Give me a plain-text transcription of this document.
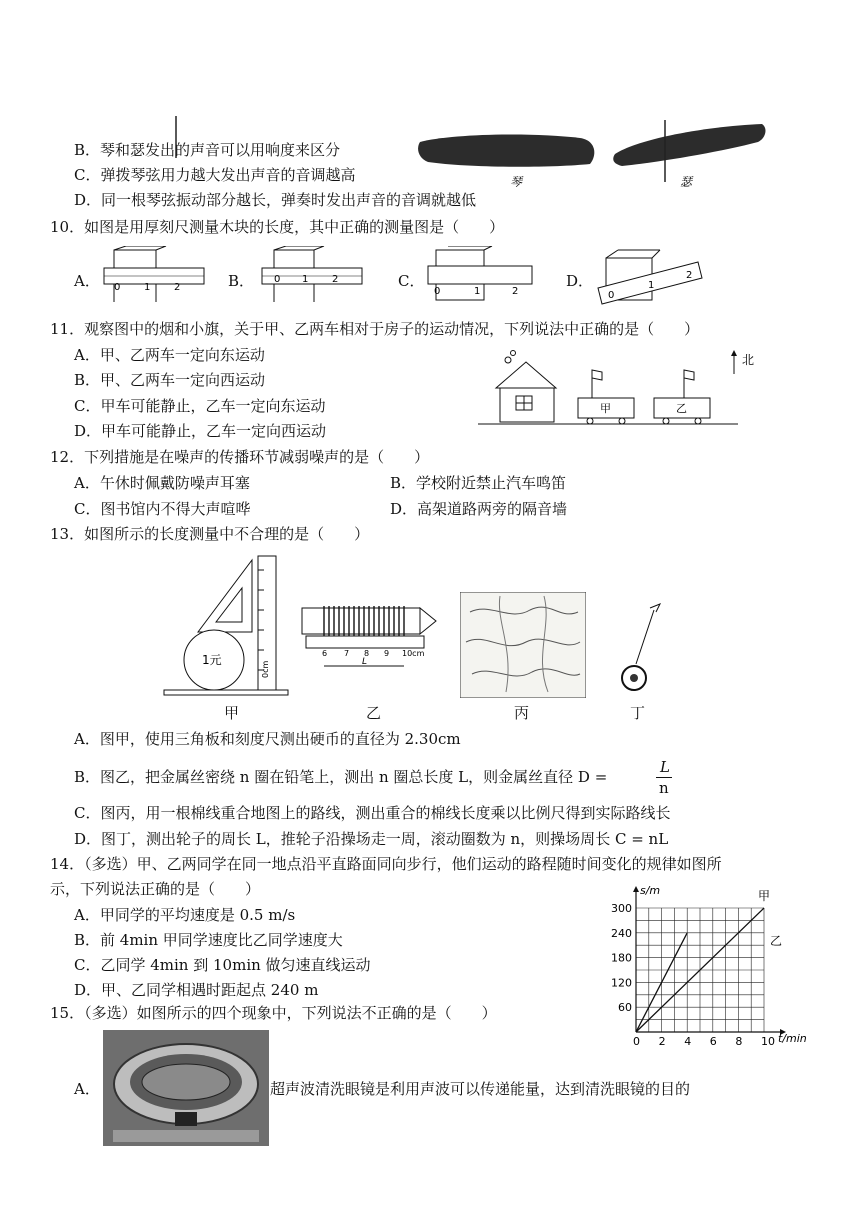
B．琴和瑟发出的声音可以用响度来区分
C．弹拨琴弦用力越大发出声音的音调越高
D．同一根琴弦振动部分越长，弹奏时发出声音的音调就越低
琴	瑟
10．如图是用厚刻尺测量木块的长度，其中正确的测量图是（　　）
A．	B．	C．	D．
0 1 2
0 1 2
0	1	2	0
1
2
11．观察图中的烟和小旗，关于甲、乙两车相对于房子的运动情况，下列说法中正确的是（　　）
A．甲、乙两车一定向东运动
B．甲、乙两车一定向西运动
C．甲车可能静止，乙车一定向东运动
D．甲车可能静止，乙车一定向西运动
甲	乙
北
12．下列措施是在噪声的传播环节减弱噪声的是（　　）
A．午休时佩戴防噪声耳塞	B．学校附近禁止汽车鸣笛
C．图书馆内不得大声喧哗	D．高架道路两旁的隔音墙
13．如图所示的长度测量中不合理的是（　　）
0cm
1元	6 7 8 9 10cm
L
甲	乙	丙	丁
A．图甲，使用三角板和刻度尺测出硬币的直径为 2.30cm
B．图乙，把金属丝密绕 n 圈在铅笔上，测出 n 圈总长度 L，则金属丝直径 D =
L
n
C．图丙，用一根棉线重合地图上的路线，测出重合的棉线长度乘以比例尺得到实际路线长
D．图丁，测出轮子的周长 L，推轮子沿操场走一周，滚动圈数为 n，则操场周长 C = nL
14．（多选）甲、乙两同学在同一地点沿平直路面同向步行，他们运动的路程随时间变化的规律如图所
示，下列说法正确的是（　　）
A．甲同学的平均速度是 0.5 m/s
B．前 4min 甲同学速度比乙同学速度大
C．乙同学 4min 到 10min 做匀速直线运动
D．甲、乙同学相遇时距起点 240 m
s/m
t/min
0 2 4 6 8 10
60
120
180
240
300
甲
乙
15．（多选）如图所示的四个现象中，下列说法不正确的是（　　）
A．	超声波清洗眼镜是利用声波可以传递能量，达到清洗眼镜的目的
